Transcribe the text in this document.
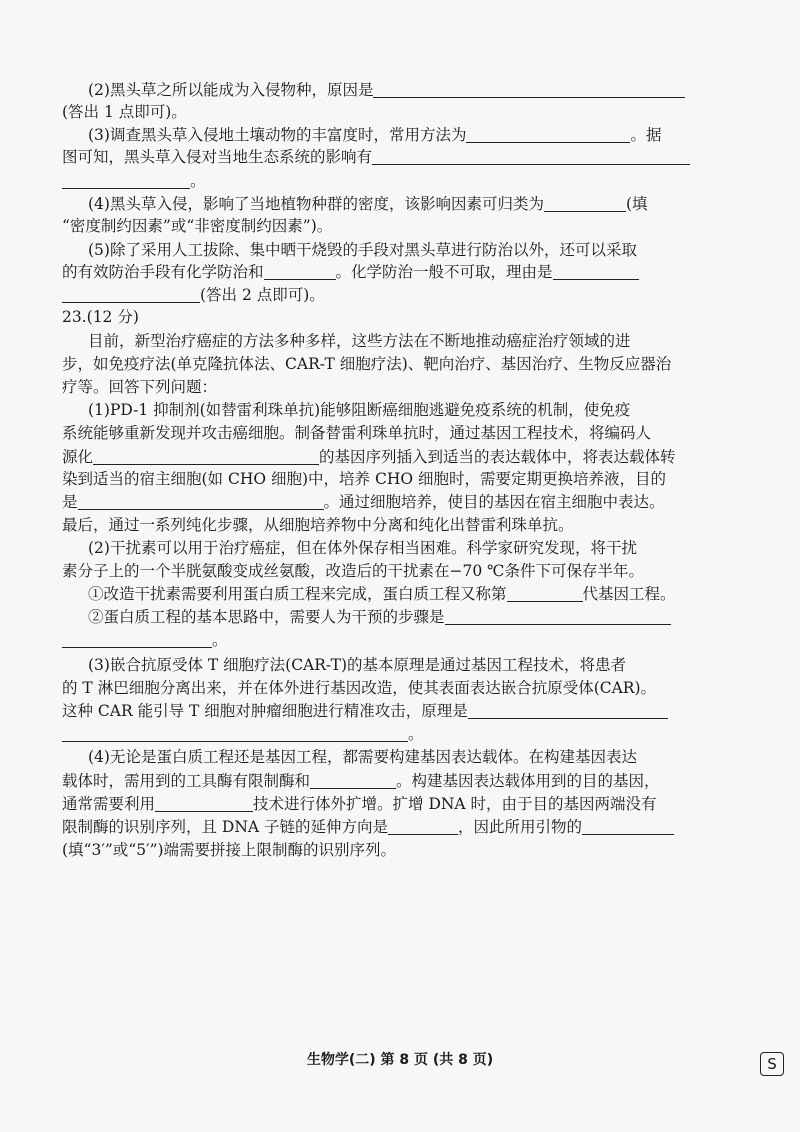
(2)黑头草之所以能成为入侵物种，原因是
(答出 1 点即可)。
(3)调查黑头草入侵地土壤动物的丰富度时，常用方法为	。据
图可知，黑头草入侵对当地生态系统的影响有
。
(4)黑头草入侵，影响了当地植物种群的密度，该影响因素可归类为	(填
“密度制约因素”或“非密度制约因素”)。
(5)除了采用人工拔除、集中晒干烧毁的手段对黑头草进行防治以外，还可以采取
的有效防治手段有化学防治和	。化学防治一般不可取，理由是
(答出 2 点即可)。
23.(12 分)
目前，新型治疗癌症的方法多种多样，这些方法在不断地推动癌症治疗领域的进
步，如免疫疗法(单克隆抗体法、CAR-T 细胞疗法)、靶向治疗、基因治疗、生物反应器治
疗等。回答下列问题：
(1)PD-1 抑制剂(如替雷利珠单抗)能够阻断癌细胞逃避免疫系统的机制，使免疫
系统能够重新发现并攻击癌细胞。制备替雷利珠单抗时，通过基因工程技术，将编码人
源化	的基因序列插入到适当的表达载体中，将表达载体转
染到适当的宿主细胞(如 CHO 细胞)中，培养 CHO 细胞时，需要定期更换培养液，目的
是	。通过细胞培养，使目的基因在宿主细胞中表达。
最后，通过一系列纯化步骤，从细胞培养物中分离和纯化出替雷利珠单抗。
(2)干扰素可以用于治疗癌症，但在体外保存相当困难。科学家研究发现，将干扰
素分子上的一个半胱氨酸变成丝氨酸，改造后的干扰素在−70 ℃条件下可保存半年。
①改造干扰素需要利用蛋白质工程来完成，蛋白质工程又称第	代基因工程。
②蛋白质工程的基本思路中，需要人为干预的步骤是
。
(3)嵌合抗原受体 T 细胞疗法(CAR-T)的基本原理是通过基因工程技术，将患者
的 T 淋巴细胞分离出来，并在体外进行基因改造，使其表面表达嵌合抗原受体(CAR)。
这种 CAR 能引导 T 细胞对肿瘤细胞进行精准攻击，原理是
。
(4)无论是蛋白质工程还是基因工程，都需要构建基因表达载体。在构建基因表达
载体时，需用到的工具酶有限制酶和	。构建基因表达载体用到的目的基因，
通常需要利用	技术进行体外扩增。扩增 DNA 时，由于目的基因两端没有
限制酶的识别序列，且 DNA 子链的延伸方向是	，因此所用引物的
(填“3′”或“5′”)端需要拼接上限制酶的识别序列。
生物学(二) 第 8 页 (共 8 页)	S
